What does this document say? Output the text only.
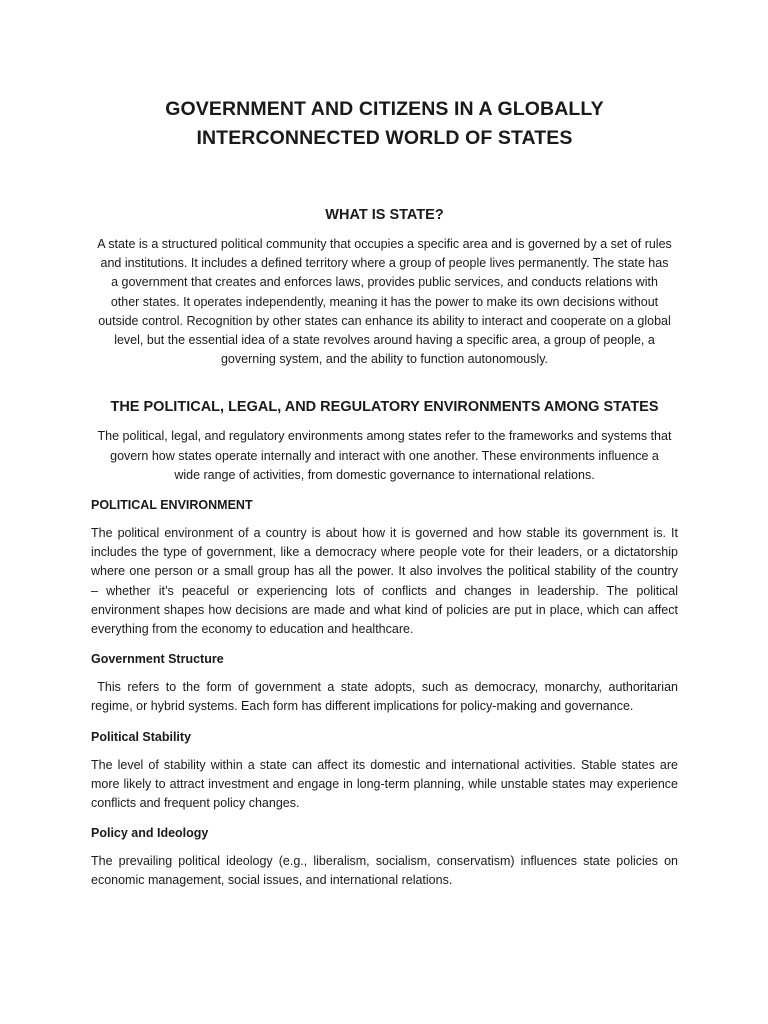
GOVERNMENT AND CITIZENS IN A GLOBALLY
INTERCONNECTED WORLD OF STATES
WHAT IS STATE?
A state is a structured political community that occupies a specific area and is governed by a set of rules
and institutions. It includes a defined territory where a group of people lives permanently. The state has
a government that creates and enforces laws, provides public services, and conducts relations with
other states. It operates independently, meaning it has the power to make its own decisions without
outside control. Recognition by other states can enhance its ability to interact and cooperate on a global
level, but the essential idea of a state revolves around having a specific area, a group of people, a
governing system, and the ability to function autonomously.
THE POLITICAL, LEGAL, AND REGULATORY ENVIRONMENTS AMONG STATES
The political, legal, and regulatory environments among states refer to the frameworks and systems that
govern how states operate internally and interact with one another. These environments influence a
wide range of activities, from domestic governance to international relations.
POLITICAL ENVIRONMENT
The political environment of a country is about how it is governed and how stable its government is. It
includes the type of government, like a democracy where people vote for their leaders, or a dictatorship
where one person or a small group has all the power. It also involves the political stability of the country
– whether it’s peaceful or experiencing lots of conflicts and changes in leadership. The political
environment shapes how decisions are made and what kind of policies are put in place, which can affect
everything from the economy to education and healthcare.
Government Structure
This refers to the form of government a state adopts, such as democracy, monarchy, authoritarian
regime, or hybrid systems. Each form has different implications for policy-making and governance.
Political Stability
The level of stability within a state can affect its domestic and international activities. Stable states are
more likely to attract investment and engage in long-term planning, while unstable states may experience
conflicts and frequent policy changes.
Policy and Ideology
The prevailing political ideology (e.g., liberalism, socialism, conservatism) influences state policies on
economic management, social issues, and international relations.
